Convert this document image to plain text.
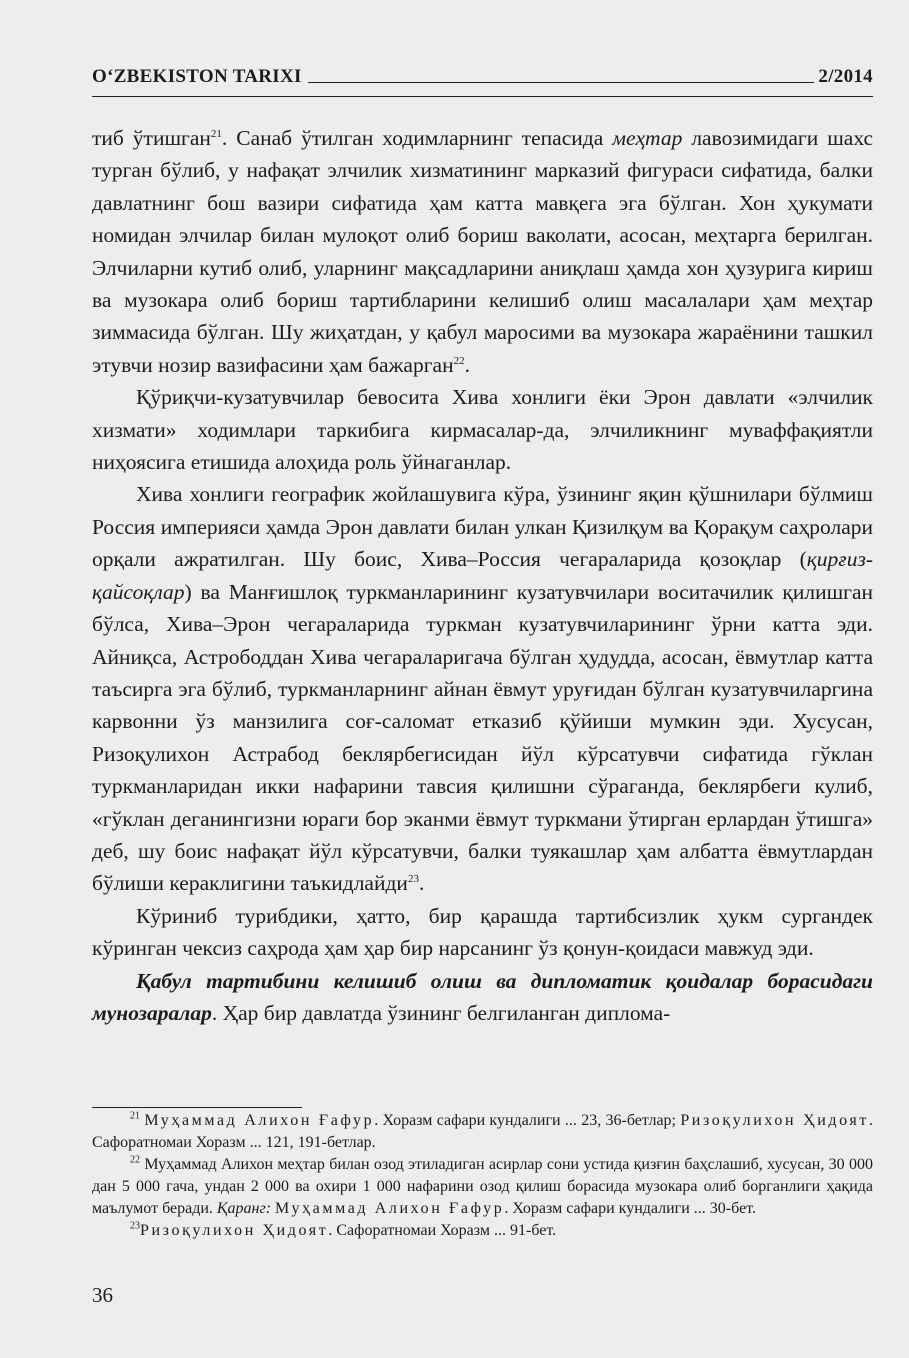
O‘ZBEKISTON TARIXI	2/2014

тиб ўтишган$^{21}$. Санаб ўтилган ходимларнинг тепасида меҳтар лавозимидаги шахс турган бўлиб, у нафақат элчилик хизматининг марказий фигураси сифатида, балки давлатнинг бош вазири сифатида ҳам катта мавқега эга бўлган. Хон ҳукумати номидан элчилар билан мулоқот олиб бориш ваколати, асосан, меҳтарга берилган. Элчиларни кутиб олиб, уларнинг мақсадларини аниқлаш ҳамда хон ҳузурига кириш ва музокара олиб бориш тартибларини келишиб олиш масалалари ҳам меҳтар зиммасида бўлган. Шу жиҳатдан, у қабул маросими ва музокара жараёнини ташкил этувчи нозир вазифасини ҳам бажарган$^{22}$.

Қўриқчи-кузатувчилар бевосита Хива хонлиги ёки Эрон давлати «элчилик хизмати» ходимлари таркибига кирмасалар-да, элчиликнинг муваффақиятли ниҳоясига етишида алоҳида роль ўйнаганлар.

Хива хонлиги географик жойлашувига кўра, ўзининг яқин қўшнилари бўлмиш Россия империяси ҳамда Эрон давлати билан улкан Қизилқум ва Қорақум саҳролари орқали ажратилган. Шу боис, Хива–Россия чегараларида қозоқлар (қирғиз-қайсоқлар) ва Манғишлоқ туркманларининг кузатувчилари воситачилик қилишган бўлса, Хива–Эрон чегараларида туркман кузатувчиларининг ўрни катта эди. Айниқса, Астрободдан Хива чегараларигача бўлган ҳудудда, асосан, ёвмутлар катта таъсирга эга бўлиб, туркманларнинг айнан ёвмут уруғидан бўлган кузатувчиларгина карвонни ўз манзилига соғ-саломат етказиб қўйиши мумкин эди. Хусусан, Ризоқулихон Астрабод беклярбегисидан йўл кўрсатувчи сифатида гўклан туркманларидан икки нафарини тавсия қилишни сўраганда, беклярбеги кулиб, «гўклан деганингизни юраги бор эканми ёвмут туркмани ўтирган ерлардан ўтишга» деб, шу боис нафақат йўл кўрсатувчи, балки туякашлар ҳам албатта ёвмутлардан бўлиши кераклигини таъкидлайди$^{23}$.

Кўриниб турибдики, ҳатто, бир қарашда тартибсизлик ҳукм сургандек кўринган чексиз саҳрода ҳам ҳар бир нарсанинг ўз қонун-қоидаси мавжуд эди.

Қабул тартибини келишиб олиш ва дипломатик қоидалар борасидаги мунозаралар. Ҳар бир давлатда ўзининг белгиланган диплома-

$^{21}$ Муҳаммад Алихон Ғафур. Хоразм сафари кундалиги ... 23, 36-бетлар; Ризоқулихон Ҳидоят. Сафоратномаи Хоразм ... 121, 191-бетлар.

$^{22}$ Муҳаммад Алихон меҳтар билан озод этиладиган асирлар сони устида қизғин баҳслашиб, хусусан, 30 000 дан 5 000 гача, ундан 2 000 ва охири 1 000 нафарини озод қилиш борасида музокара олиб борганлиги ҳақида маълумот беради. Қаранг: Муҳаммад Алихон Ғафур. Хоразм сафари кундалиги ... 30-бет.

$^{23}$Ризоқулихон Ҳидоят. Сафоратномаи Хоразм ... 91-бет.

36
